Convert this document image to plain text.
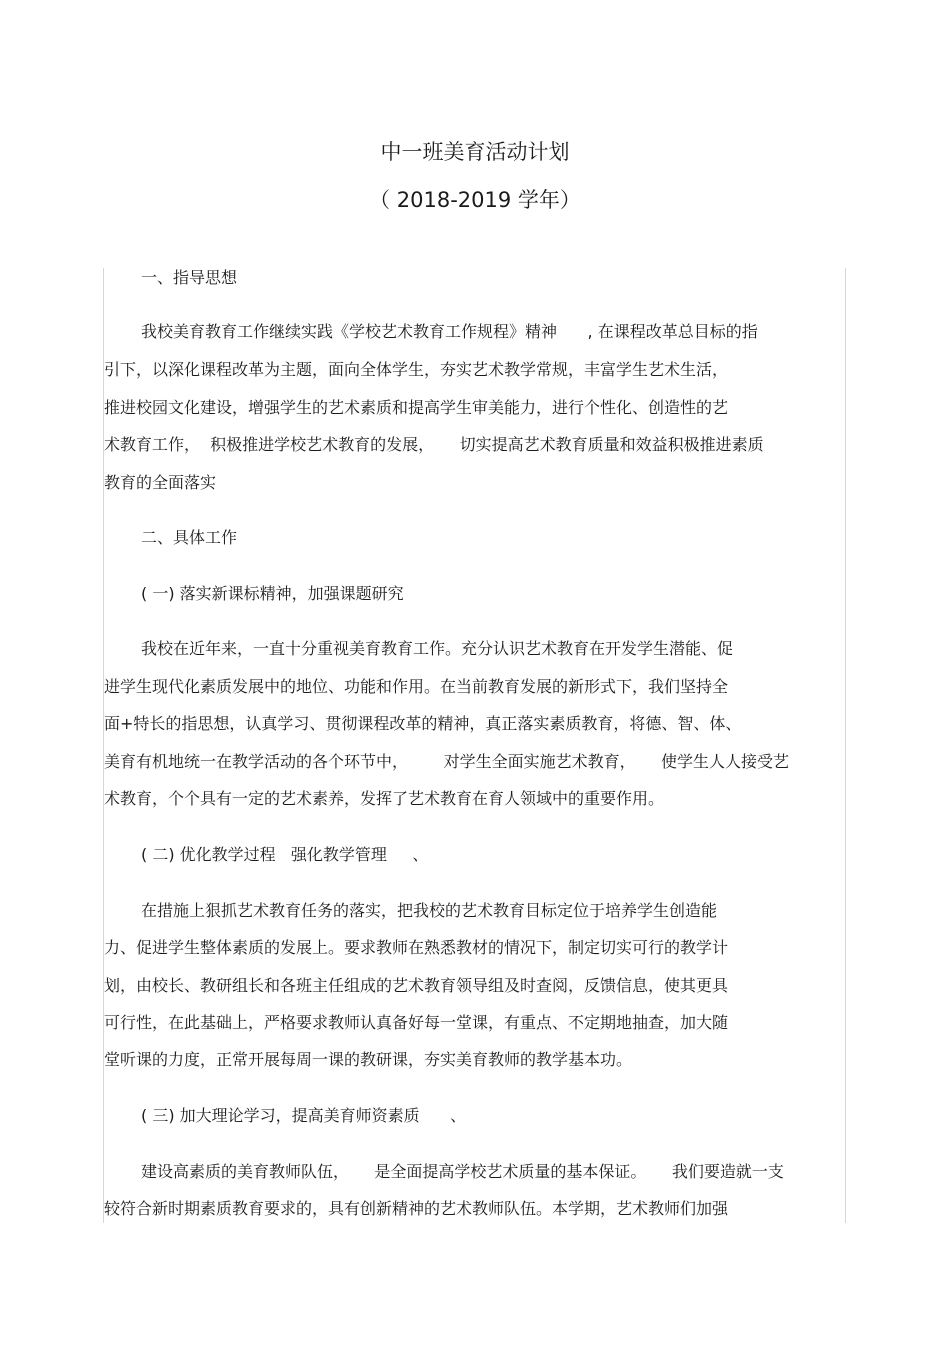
中一班美育活动计划
（ 2018-2019 学年）
一、指导思想
我校美育教育工作继续实践《学校艺术教育工作规程》精神      , 在课程改革总目标的指
引下，以深化课程改革为主题，面向全体学生，夯实艺术教学常规，丰富学生艺术生活，
推进校园文化建设，增强学生的艺术素质和提高学生审美能力，进行个性化、创造性的艺
术教育工作，  积极推进学校艺术教育的发展，     切实提高艺术教育质量和效益积极推进素质
教育的全面落实
二、具体工作
( 一) 落实新课标精神，加强课题研究
我校在近年来，一直十分重视美育教育工作。充分认识艺术教育在开发学生潜能、促
进学生现代化素质发展中的地位、功能和作用。在当前教育发展的新形式下，我们坚持全
面+特长的指思想，认真学习、贯彻课程改革的精神，真正落实素质教育，将德、智、体、
美育有机地统一在教学活动的各个环节中，       对学生全面实施艺术教育，     使学生人人接受艺
术教育，个个具有一定的艺术素养，发挥了艺术教育在育人领域中的重要作用。
( 二) 优化教学过程   强化教学管理     、
在措施上狠抓艺术教育任务的落实，把我校的艺术教育目标定位于培养学生创造能
力、促进学生整体素质的发展上。要求教师在熟悉教材的情况下，制定切实可行的教学计
划，由校长、教研组长和各班主任组成的艺术教育领导组及时查阅，反馈信息，使其更具
可行性，在此基础上，严格要求教师认真备好每一堂课，有重点、不定期地抽查，加大随
堂听课的力度，正常开展每周一课的教研课，夯实美育教师的教学基本功。
( 三) 加大理论学习，提高美育师资素质      、
建设高素质的美育教师队伍，     是全面提高学校艺术质量的基本保证。     我们要造就一支
较符合新时期素质教育要求的，具有创新精神的艺术教师队伍。本学期，艺术教师们加强
